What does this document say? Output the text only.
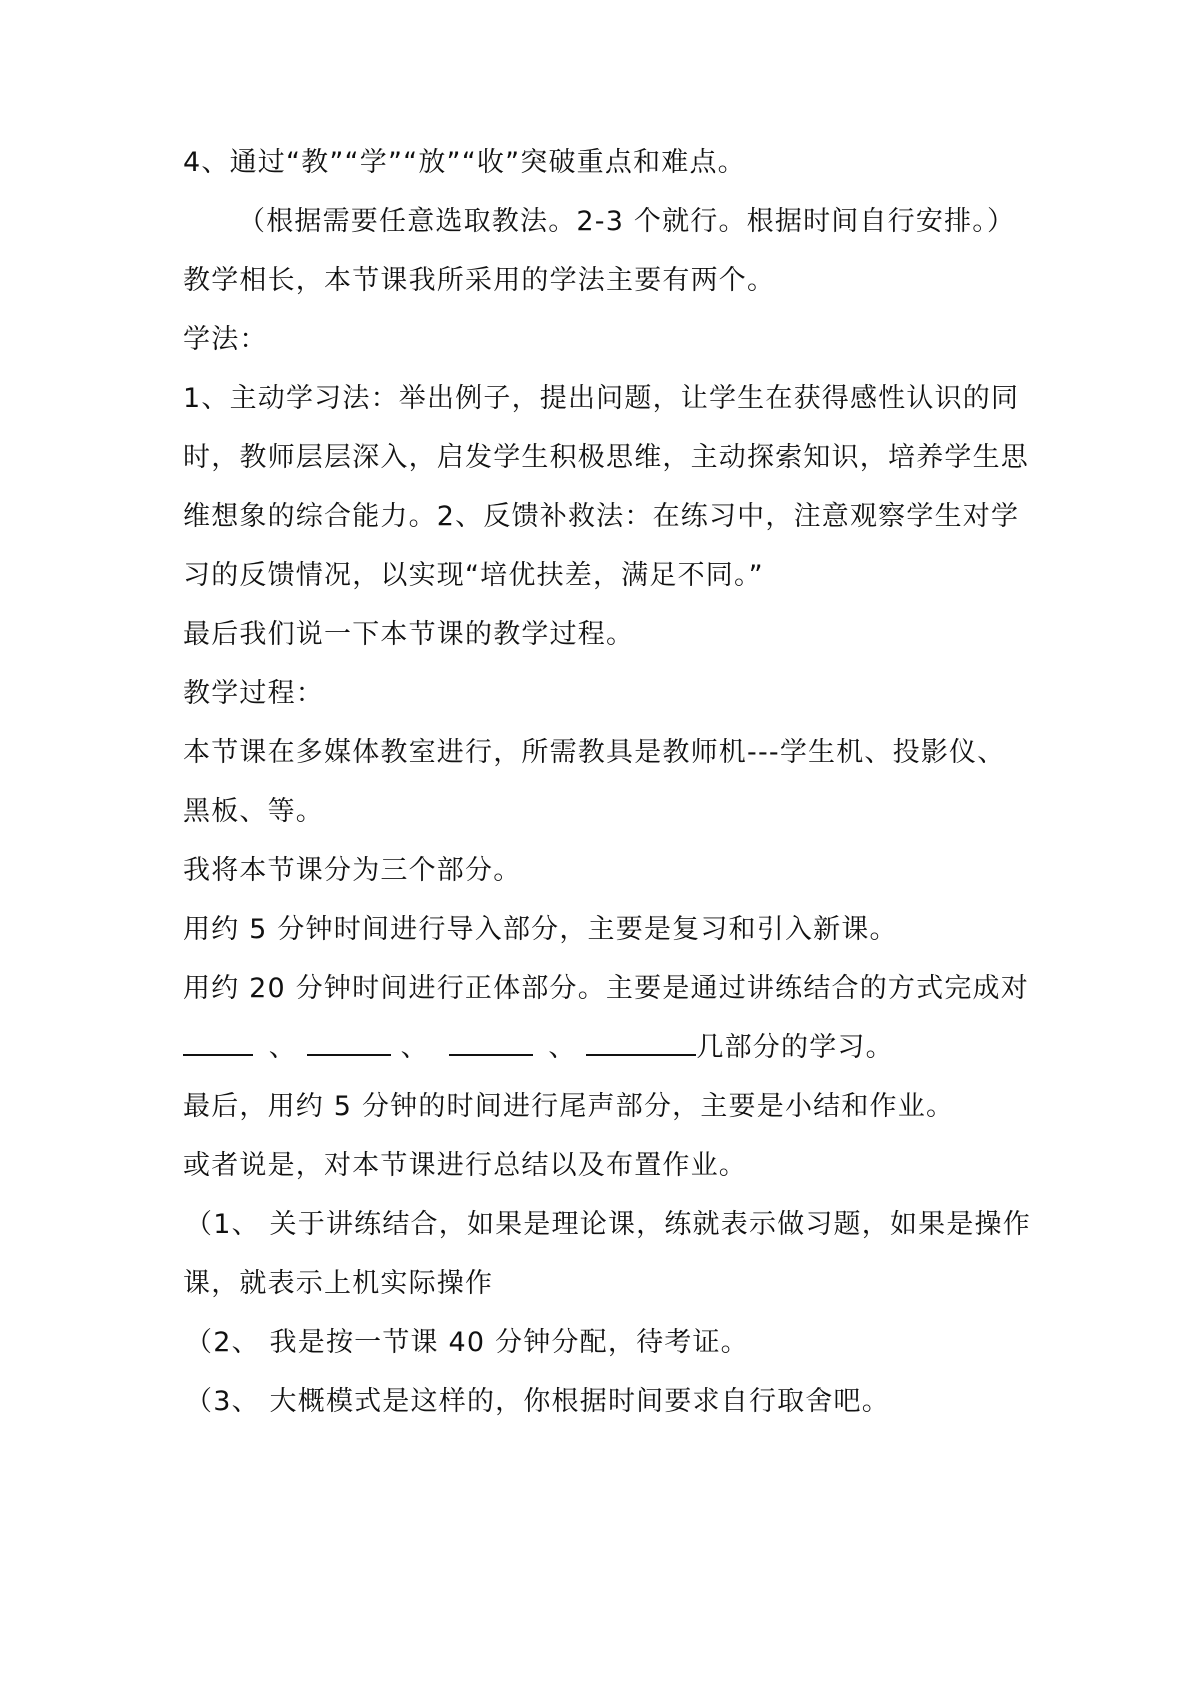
4、通过“教”“学”“放”“收”突破重点和难点。
（根据需要任意选取教法。2-3 个就行。根据时间自行安排。）
教学相长，本节课我所采用的学法主要有两个。
学法：
1、主动学习法：举出例子，提出问题，让学生在获得感性认识的同
时，教师层层深入，启发学生积极思维，主动探索知识，培养学生思
维想象的综合能力。2、反馈补救法：在练习中，注意观察学生对学
习的反馈情况，以实现“培优扶差，满足不同。”
最后我们说一下本节课的教学过程。
教学过程：
本节课在多媒体教室进行，所需教具是教师机---学生机、投影仪、
黑板、等。
我将本节课分为三个部分。
用约 5 分钟时间进行导入部分，主要是复习和引入新课。
用约 20 分钟时间进行正体部分。主要是通过讲练结合的方式完成对
、	、	、	几部分的学习。
最后，用约 5 分钟的时间进行尾声部分，主要是小结和作业。
或者说是，对本节课进行总结以及布置作业。
（1、 关于讲练结合，如果是理论课，练就表示做习题，如果是操作
课，就表示上机实际操作
（2、 我是按一节课 40 分钟分配，待考证。
（3、 大概模式是这样的，你根据时间要求自行取舍吧。
